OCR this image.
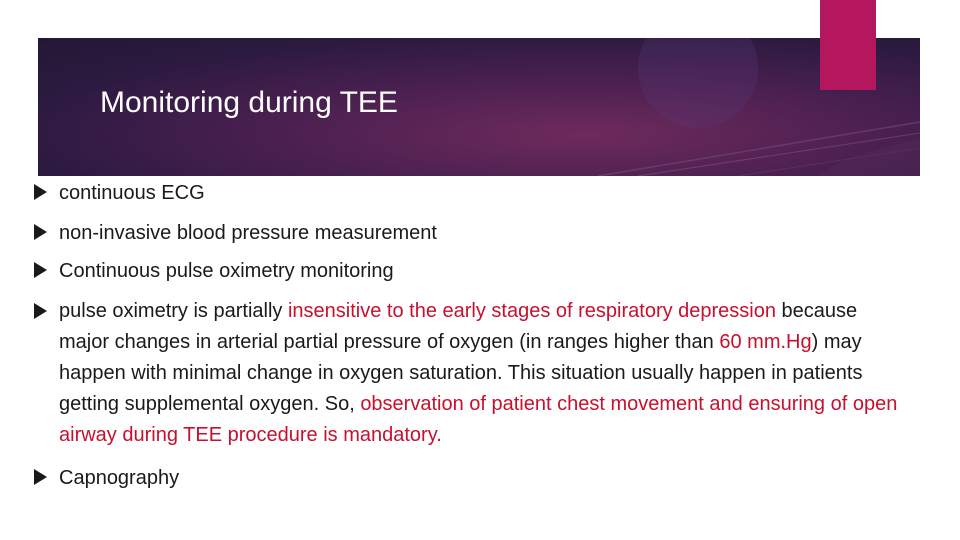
Monitoring during TEE
continuous ECG
non-invasive blood pressure measurement
Continuous pulse oximetry monitoring
pulse oximetry is partially insensitive to the early stages of respiratory depression because major changes in arterial partial pressure of oxygen (in ranges higher than 60 mm.Hg) may happen with minimal change in oxygen saturation. This situation usually happen in patients getting supplemental oxygen. So, observation of patient chest movement and ensuring of open airway during TEE procedure is mandatory.
Capnography
